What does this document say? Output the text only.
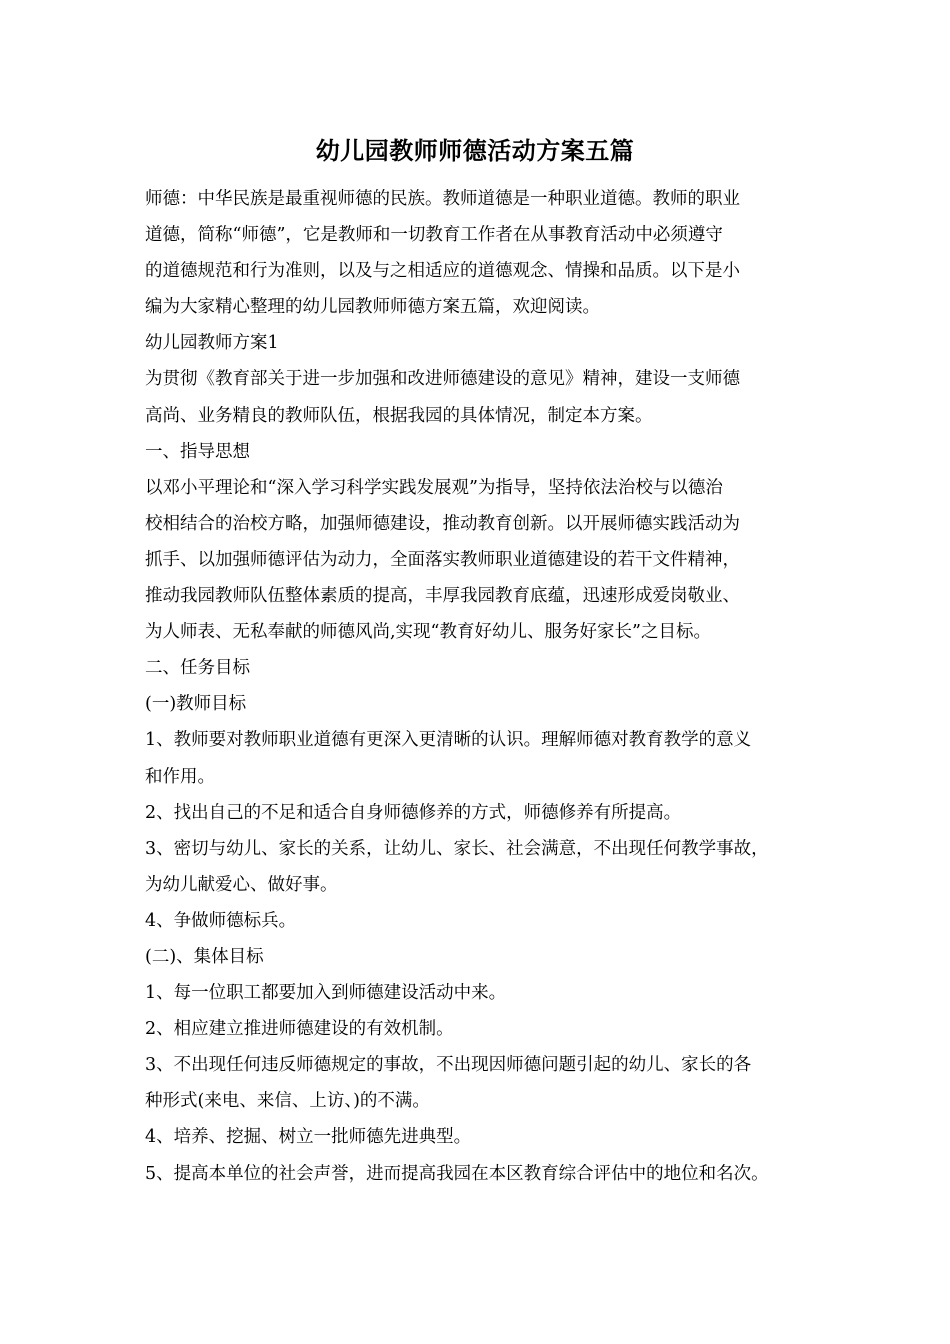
幼儿园教师师德活动方案五篇
师德：中华民族是最重视师德的民族。教师道德是一种职业道德。教师的职业
道德，简称“师德”，它是教师和一切教育工作者在从事教育活动中必须遵守
的道德规范和行为准则，以及与之相适应的道德观念、情操和品质。以下是小
编为大家精心整理的幼儿园教师师德方案五篇，欢迎阅读。
幼儿园教师方案1
为贯彻《教育部关于进一步加强和改进师德建设的意见》精神，建设一支师德
高尚、业务精良的教师队伍，根据我园的具体情况，制定本方案。
一、指导思想
以邓小平理论和“深入学习科学实践发展观”为指导，坚持依法治校与以德治
校相结合的治校方略，加强师德建设，推动教育创新。以开展师德实践活动为
抓手、以加强师德评估为动力，全面落实教师职业道德建设的若干文件精神，
推动我园教师队伍整体素质的提高，丰厚我园教育底蕴，迅速形成爱岗敬业、
为人师表、无私奉献的师德风尚,实现“教育好幼儿、服务好家长”之目标。
二、任务目标
(一)教师目标
1、教师要对教师职业道德有更深入更清晰的认识。理解师德对教育教学的意义
和作用。
2、找出自己的不足和适合自身师德修养的方式，师德修养有所提高。
3、密切与幼儿、家长的关系，让幼儿、家长、社会满意，不出现任何教学事故，
为幼儿献爱心、做好事。
4、争做师德标兵。
(二)、集体目标
1、每一位职工都要加入到师德建设活动中来。
2、相应建立推进师德建设的有效机制。
3、不出现任何违反师德规定的事故，不出现因师德问题引起的幼儿、家长的各
种形式(来电、来信、上访、)的不满。
4、培养、挖掘、树立一批师德先进典型。
5、提高本单位的社会声誉，进而提高我园在本区教育综合评估中的地位和名次。
